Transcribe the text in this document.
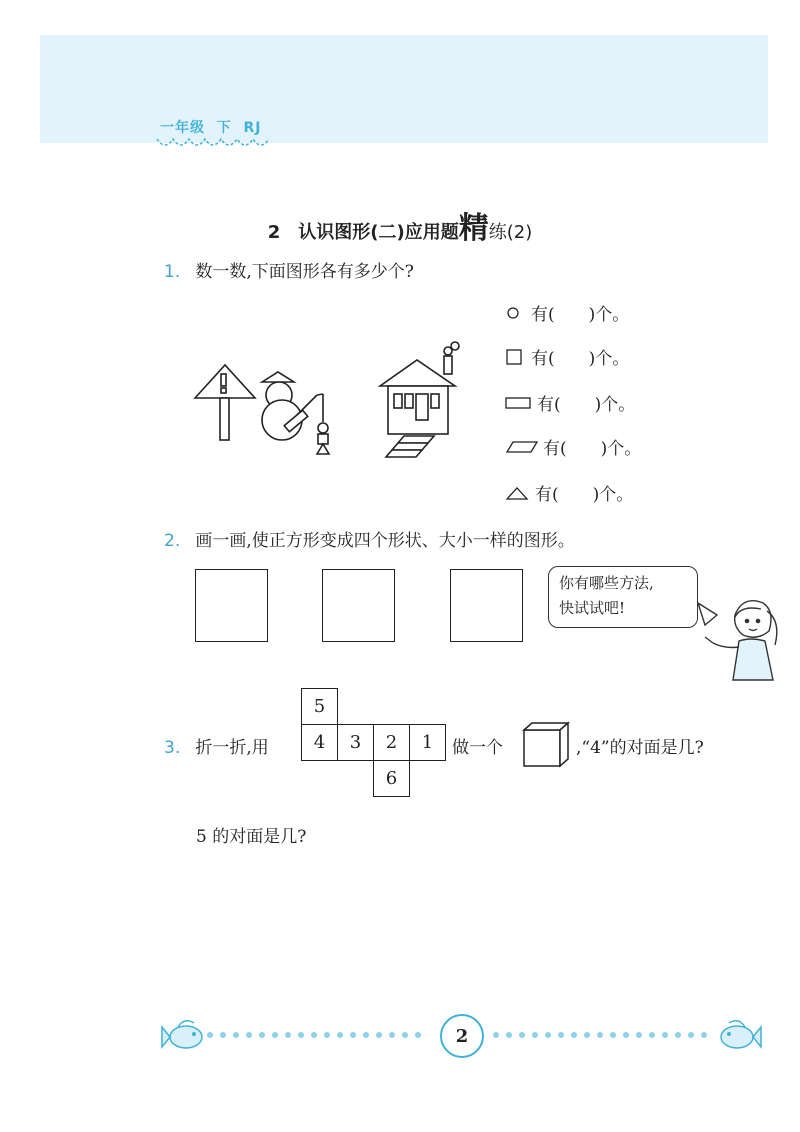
一年级  下  RJ
2　认识图形(二)应用题精练(2)
1. 数一数,下面图形各有多少个?
有(　　)个。
有(　　)个。
有(　　)个。
有(　　)个。
有(　　)个。
2. 画一画,使正方形变成四个形状、大小一样的图形。
你有哪些方法,
快试试吧!
3. 折一折,用
5
4	3	2	1
6
做一个	,“4”的对面是几?
5 的对面是几?
2
